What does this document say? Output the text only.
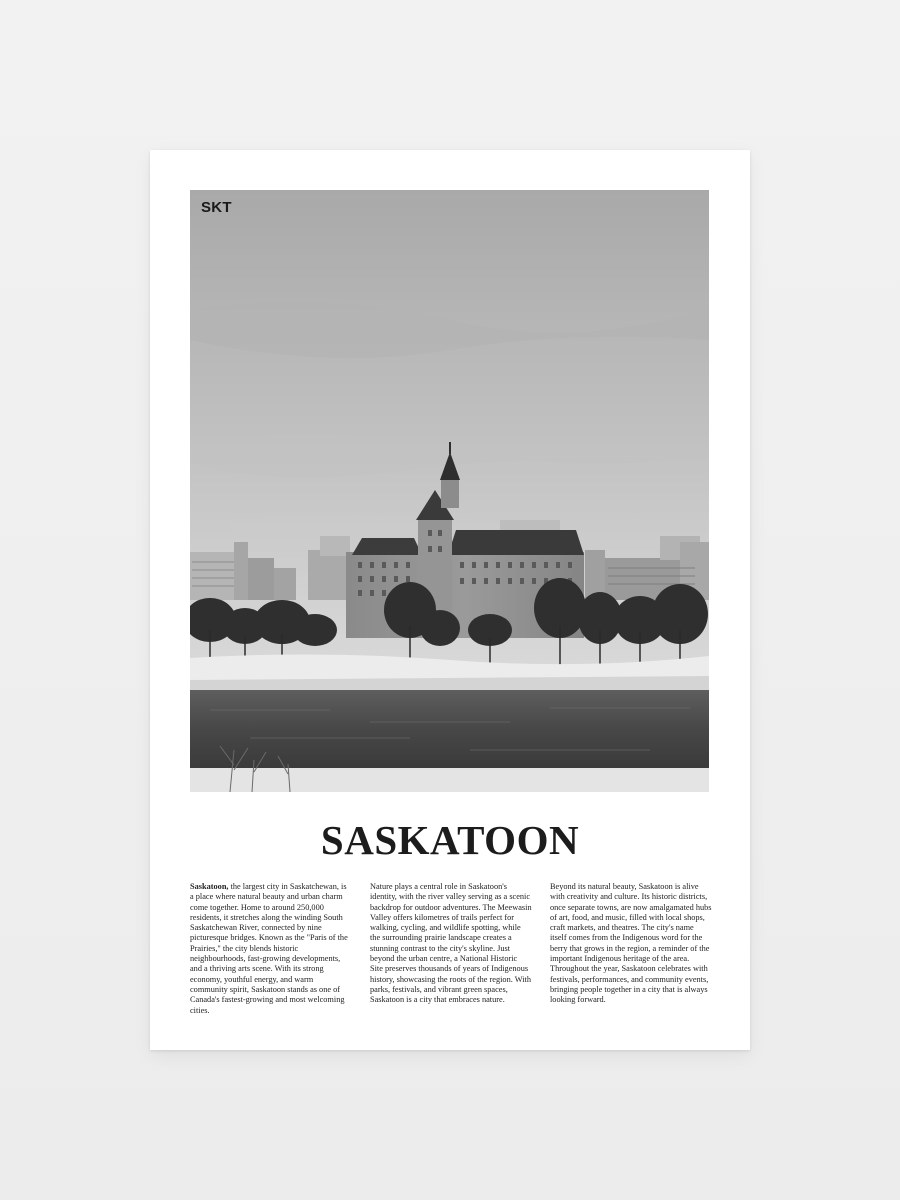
SKT
SASKATOON
Saskatoon, the largest city in Saskatchewan, is a place where natural beauty and urban charm come together. Home to around 250,000 residents, it stretches along the winding South Saskatchewan River, connected by nine picturesque bridges. Known as the "Paris of the Prairies," the city blends historic neighbourhoods, fast-growing developments, and a thriving arts scene. With its strong economy, youthful energy, and warm community spirit, Saskatoon stands as one of Canada's fastest-growing and most welcoming cities.
Nature plays a central role in Saskatoon's identity, with the river valley serving as a scenic backdrop for outdoor adventures. The Meewasin Valley offers kilometres of trails perfect for walking, cycling, and wildlife spotting, while the surrounding prairie landscape creates a stunning contrast to the city's skyline. Just beyond the urban centre, a National Historic Site preserves thousands of years of Indigenous history, showcasing the roots of the region. With parks, festivals, and vibrant green spaces, Saskatoon is a city that embraces nature.
Beyond its natural beauty, Saskatoon is alive with creativity and culture. Its historic districts, once separate towns, are now amalgamated hubs of art, food, and music, filled with local shops, craft markets, and theatres. The city's name itself comes from the Indigenous word for the berry that grows in the region, a reminder of the important Indigenous heritage of the area. Throughout the year, Saskatoon celebrates with festivals, performances, and community events, bringing people together in a city that is always looking forward.
